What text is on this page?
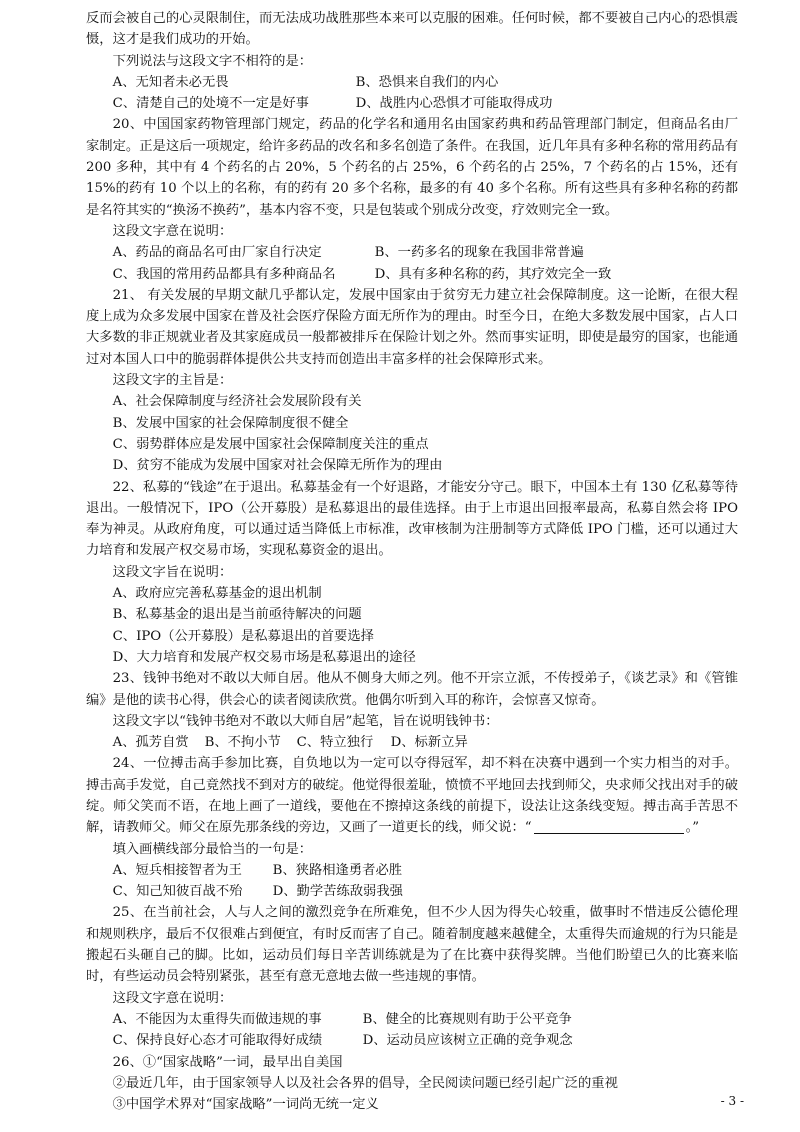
反而会被自己的心灵限制住，而无法成功战胜那些本来可以克服的困难。任何时候，都不要被自己内心的恐惧震慑，这才是我们成功的开始。

下列说法与这段文字不相符的是：

A、无知者未必无畏	B、恐惧来自我们的内心
C、清楚自己的处境不一定是好事	D、战胜内心恐惧才可能取得成功

20、中国国家药物管理部门规定，药品的化学名和通用名由国家药典和药品管理部门制定，但商品名由厂家制定。正是这后一项规定，给许多药品的改名和多名创造了条件。在我国，近几年具有多种名称的常用药品有 200 多种，其中有 4 个药名的占 20%，5 个药名的占 25%，6 个药名的占 25%，7 个药名的占 15%，还有 15%的药有 10 个以上的名称，有的药有 20 多个名称，最多的有 40 多个名称。所有这些具有多种名称的药都是名符其实的“换汤不换药”，基本内容不变，只是包装或个别成分改变，疗效则完全一致。

这段文字意在说明：

A、药品的商品名可由厂家自行决定	B、一药多名的现象在我国非常普遍
C、我国的常用药品都具有多种商品名	D、具有多种名称的药，其疗效完全一致

21、 有关发展的早期文献几乎都认定，发展中国家由于贫穷无力建立社会保障制度。这一论断，在很大程度上成为众多发展中国家在普及社会医疗保险方面无所作为的理由。时至今日，在绝大多数发展中国家，占人口大多数的非正规就业者及其家庭成员一般都被排斥在保险计划之外。然而事实证明，即使是最穷的国家，也能通过对本国人口中的脆弱群体提供公共支持而创造出丰富多样的社会保障形式来。

这段文字的主旨是：

A、社会保障制度与经济社会发展阶段有关

B、发展中国家的社会保障制度很不健全

C、弱势群体应是发展中国家社会保障制度关注的重点

D、贫穷不能成为发展中国家对社会保障无所作为的理由

22、私募的“钱途”在于退出。私募基金有一个好退路，才能安分守己。眼下，中国本土有 130 亿私募等待退出。一般情况下，IPO（公开募股）是私募退出的最佳选择。由于上市退出回报率最高，私募自然会将 IPO 奉为神灵。从政府角度，可以通过适当降低上市标准，改审核制为注册制等方式降低 IPO 门槛，还可以通过大力培育和发展产权交易市场，实现私募资金的退出。

这段文字旨在说明：

A、政府应完善私募基金的退出机制

B、私募基金的退出是当前亟待解决的问题

C、IPO（公开募股）是私募退出的首要选择

D、大力培育和发展产权交易市场是私募退出的途径

23、钱钟书绝对不敢以大师自居。他从不侧身大师之列。他不开宗立派，不传授弟子，《谈艺录》和《管锥编》是他的读书心得，供会心的读者阅读欣赏。他偶尔听到入耳的称许，会惊喜又惊奇。

这段文字以“钱钟书绝对不敢以大师自居”起笔，旨在说明钱钟书：

A、孤芳自赏	B、不拘小节	C、特立独行	D、标新立异

24、一位搏击高手参加比赛，自负地以为一定可以夺得冠军，却不料在决赛中遇到一个实力相当的对手。搏击高手发觉，自己竟然找不到对方的破绽。他觉得很羞耻，愤愤不平地回去找到师父，央求师父找出对手的破绽。师父笑而不语，在地上画了一道线，要他在不擦掉这条线的前提下，设法让这条线变短。搏击高手苦思不解，请教师父。师父在原先那条线的旁边，又画了一道更长的线，师父说：“	。”

填入画横线部分最恰当的一句是：

A、短兵相接智者为王	B、狭路相逢勇者必胜
C、知己知彼百战不殆	D、勤学苦练敌弱我强

25、在当前社会，人与人之间的激烈竞争在所难免，但不少人因为得失心较重，做事时不惜违反公德伦理和规则秩序，最后不仅很难占到便宜，有时反而害了自己。随着制度越来越健全，太重得失而逾规的行为只能是搬起石头砸自己的脚。比如，运动员们每日辛苦训练就是为了在比赛中获得奖牌。当他们盼望已久的比赛来临时，有些运动员会特别紧张，甚至有意无意地去做一些违规的事情。

这段文字意在说明：

A、不能因为太重得失而做违规的事	B、健全的比赛规则有助于公平竞争
C、保持良好心态才可能取得好成绩	D、运动员应该树立正确的竞争观念

26、①“国家战略”一词，最早出自美国

②最近几年，由于国家领导人以及社会各界的倡导，全民阅读问题已经引起广泛的重视

③中国学术界对“国家战略”一词尚无统一定义	- 3 -
